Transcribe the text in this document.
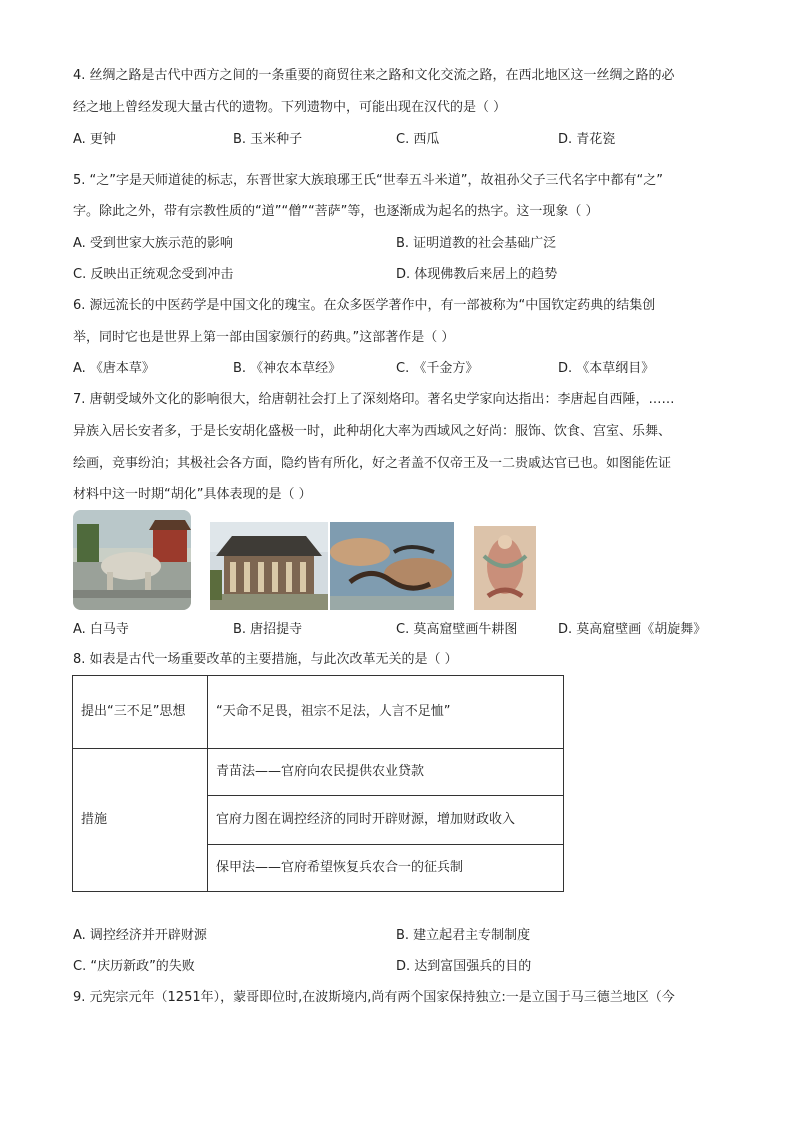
4. 丝绸之路是古代中西方之间的一条重要的商贸往来之路和文化交流之路，在西北地区这一丝绸之路的必
经之地上曾经发现大量古代的遗物。下列遗物中，可能出现在汉代的是（ ）
A. 更钟	B. 玉米种子	C. 西瓜	D. 青花瓷
5. “之”字是天师道徒的标志，东晋世家大族琅琊王氏“世奉五斗米道”，故祖孙父子三代名字中都有“之”
字。除此之外，带有宗教性质的“道”“僧”“菩萨”等，也逐渐成为起名的热字。这一现象（ ）
A. 受到世家大族示范的影响	B. 证明道教的社会基础广泛
C. 反映出正统观念受到冲击	D. 体现佛教后来居上的趋势
6. 源远流长的中医药学是中国文化的瑰宝。在众多医学著作中，有一部被称为“中国钦定药典的结集创
举，同时它也是世界上第一部由国家颁行的药典。”这部著作是（ ）
A. 《唐本草》	B. 《神农本草经》	C. 《千金方》	D. 《本草纲目》
7. 唐朝受域外文化的影响很大，给唐朝社会打上了深刻烙印。著名史学家向达指出：李唐起自西陲，……
异族入居长安者多，于是长安胡化盛极一时，此种胡化大率为西域风之好尚：服饰、饮食、宫室、乐舞、
绘画，竞事纷泊；其极社会各方面，隐约皆有所化，好之者盖不仅帝王及一二贵戚达官已也。如图能佐证
材料中这一时期“胡化”具体表现的是（ ）
A. 白马寺	B. 唐招提寺	C. 莫高窟壁画牛耕图	D. 莫高窟壁画《胡旋舞》
8. 如表是古代一场重要改革的主要措施，与此次改革无关的是（ ）
提出“三不足”思想	“天命不足畏，祖宗不足法，人言不足恤”
措施	青苗法——官府向农民提供农业贷款
	官府力图在调控经济的同时开辟财源，增加财政收入
	保甲法——官府希望恢复兵农合一的征兵制
A. 调控经济并开辟财源	B. 建立起君主专制制度
C. “庆历新政”的失败	D. 达到富国强兵的目的
9. 元宪宗元年（1251年），蒙哥即位时,在波斯境内,尚有两个国家保持独立:一是立国于马三德兰地区（今
